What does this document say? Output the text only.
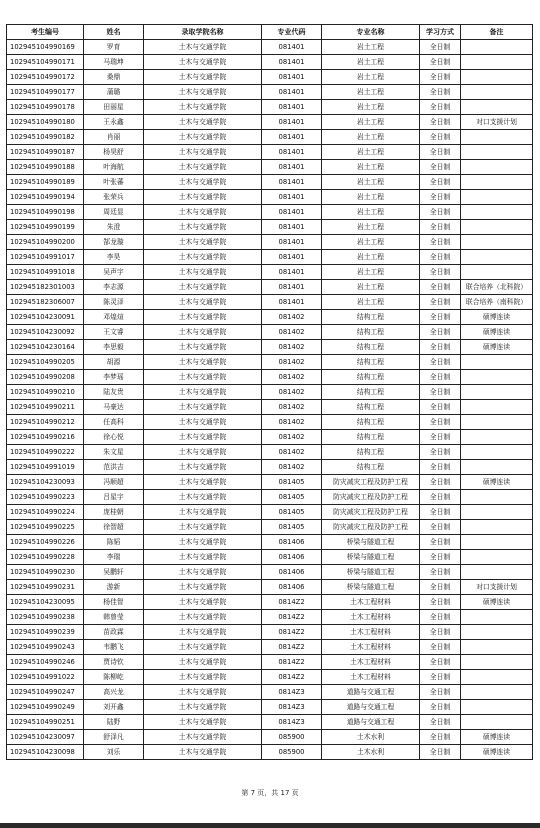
考生编号	姓名	录取学院名称	专业代码	专业名称	学习方式	备注
102945104990169	罗育	土木与交通学院	081401	岩土工程	全日制	
102945104990171	马瑞坤	土木与交通学院	081401	岩土工程	全日制	
102945104990172	桑鼎	土木与交通学院	081401	岩土工程	全日制	
102945104990177	蒲璐	土木与交通学院	081401	岩土工程	全日制	
102945104990178	田丽星	土木与交通学院	081401	岩土工程	全日制	
102945104990180	王永鑫	土木与交通学院	081401	岩土工程	全日制	对口支援计划
102945104990182	肖丽	土木与交通学院	081401	岩土工程	全日制	
102945104990187	杨昊舒	土木与交通学院	081401	岩土工程	全日制	
102945104990188	叶海航	土木与交通学院	081401	岩土工程	全日制	
102945104990189	叶张蕃	土木与交通学院	081401	岩土工程	全日制	
102945104990194	张荣兵	土木与交通学院	081401	岩土工程	全日制	
102945104990198	周廷显	土木与交通学院	081401	岩土工程	全日制	
102945104990199	朱澄	土木与交通学院	081401	岩土工程	全日制	
102945104990200	郜龙璇	土木与交通学院	081401	岩土工程	全日制	
102945104991017	李昊	土木与交通学院	081401	岩土工程	全日制	
102945104991018	吴声宇	土木与交通学院	081401	岩土工程	全日制	
102945182301003	李志源	土木与交通学院	081401	岩土工程	全日制	联合培养（北科院）
102945182306007	陈灵泽	土木与交通学院	081401	岩土工程	全日制	联合培养（南科院）
102945104230091	邓煌煊	土木与交通学院	081402	结构工程	全日制	硕博连读
102945104230092	王文睿	土木与交通学院	081402	结构工程	全日制	硕博连读
102945104230164	李思毅	土木与交通学院	081402	结构工程	全日制	硕博连读
102945104990205	胡源	土木与交通学院	081402	结构工程	全日制	
102945104990208	李梦瑶	土木与交通学院	081402	结构工程	全日制	
102945104990210	陆友贵	土木与交通学院	081402	结构工程	全日制	
102945104990211	马豪达	土木与交通学院	081402	结构工程	全日制	
102945104990212	任高科	土木与交通学院	081402	结构工程	全日制	
102945104990216	徐心悦	土木与交通学院	081402	结构工程	全日制	
102945104990222	朱文星	土木与交通学院	081402	结构工程	全日制	
102945104991019	范洪吉	土木与交通学院	081402	结构工程	全日制	
102945104230093	冯顺超	土木与交通学院	081405	防灾减灾工程及防护工程	全日制	硕博连读
102945104990223	吕星宇	土木与交通学院	081405	防灾减灾工程及防护工程	全日制	
102945104990224	庞桂朝	土木与交通学院	081405	防灾减灾工程及防护工程	全日制	
102945104990225	徐智超	土木与交通学院	081405	防灾减灾工程及防护工程	全日制	
102945104990226	陈韬	土木与交通学院	081406	桥梁与隧道工程	全日制	
102945104990228	李瑞	土木与交通学院	081406	桥梁与隧道工程	全日制	
102945104990230	吴鹏轩	土木与交通学院	081406	桥梁与隧道工程	全日制	
102945104990231	游新	土木与交通学院	081406	桥梁与隧道工程	全日制	对口支援计划
102945104230095	杨佳智	土木与交通学院	0814Z2	土木工程材料	全日制	硕博连读
102945104990238	韩曾莹	土木与交通学院	0814Z2	土木工程材料	全日制	
102945104990239	苗政霖	土木与交通学院	0814Z2	土木工程材料	全日制	
102945104990243	韦鹏飞	土木与交通学院	0814Z2	土木工程材料	全日制	
102945104990246	贾诗钦	土木与交通学院	0814Z2	土木工程材料	全日制	
102945104991022	陈柳屹	土木与交通学院	0814Z2	土木工程材料	全日制	
102945104990247	高兴龙	土木与交通学院	0814Z3	道路与交通工程	全日制	
102945104990249	刘开鑫	土木与交通学院	0814Z3	道路与交通工程	全日制	
102945104990251	陆野	土木与交通学院	0814Z3	道路与交通工程	全日制	
102945104230097	舒泽凡	土木与交通学院	085900	土木水利	全日制	硕博连读
102945104230098	刘乐	土木与交通学院	085900	土木水利	全日制	硕博连读
第 7 页，共 17 页
